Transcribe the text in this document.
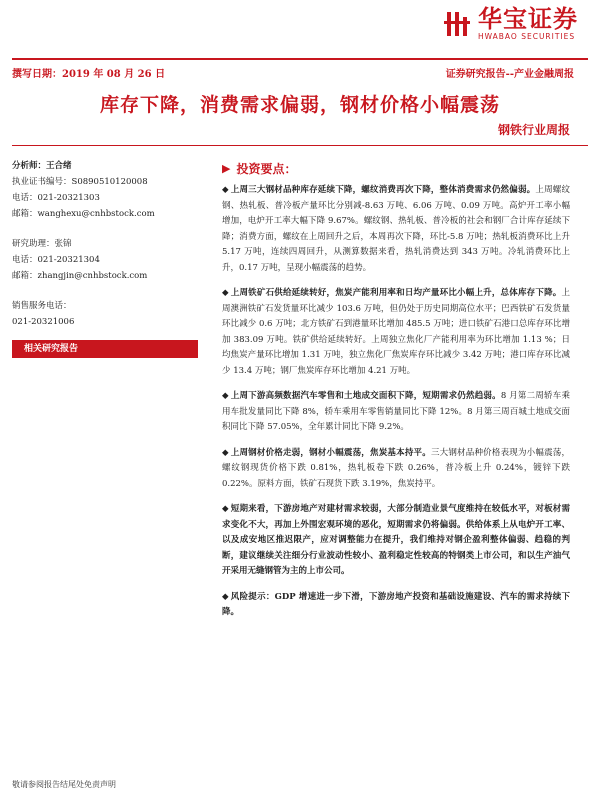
华宝证券
HWABAO SECURITIES
撰写日期：2019 年 08 月 26 日	证券研究报告--产业金融周报
库存下降，消费需求偏弱，钢材价格小幅震荡
钢铁行业周报
分析师：王合绪
执业证书编号：S0890510120008
电话：021-20321303
邮箱：wanghexu@cnhbstock.com
研究助理：张锦
电话：021-20321304
邮箱：zhangjin@cnhbstock.com
销售服务电话：
021-20321006
相关研究报告
▶ 投资要点：

◆ 上周三大钢材品种库存延续下降，螺纹消费再次下降，整体消费需求仍然偏弱。上周螺纹钢、热轧板、普冷板产量环比分别减-8.63 万吨、6.06 万吨、0.09 万吨。高炉开工率小幅增加，电炉开工率大幅下降 9.67%。螺纹钢、热轧板、普冷板的社会和钢厂合计库存延续下降；消费方面，螺纹在上周回升之后，本周再次下降，环比-5.8 万吨；热轧板消费环比上升 5.17 万吨，连续四周回升，从测算数据来看，热轧消费达到 343 万吨。冷轧消费环比上升，0.17 万吨，呈现小幅震荡的趋势。

◆ 上周铁矿石供给延续转好，焦炭产能利用率和日均产量环比小幅上升，总体库存下降。上周澳洲铁矿石发货量环比减少 103.6 万吨，但仍处于历史同期高位水平；巴西铁矿石发货量环比减少 0.6 万吨；北方铁矿石到港量环比增加 485.5 万吨；进口铁矿石港口总库存环比增加 383.09 万吨。铁矿供给延续转好。上周独立焦化厂产能利用率为环比增加 1.13 %；日均焦炭产量环比增加 1.31 万吨，独立焦化厂焦炭库存环比减少 3.42 万吨；港口库存环比减少 13.4 万吨；钢厂焦炭库存环比增加 4.21 万吨。

◆ 上周下游高频数据汽车零售和土地成交面积下降，短期需求仍然趋弱。8 月第二周轿车乘用车批发量同比下降 8%，轿车乘用车零售销量同比下降 12%。8 月第三周百城土地成交面积同比下降 57.05%，全年累计同比下降 9.2%。

◆ 上周钢材价格走弱，钢材小幅震荡，焦炭基本持平。三大钢材品种价格表现为小幅震荡，螺纹钢现货价格下跌 0.81%，热轧板卷下跌 0.26%，普冷板上升 0.24%，镀锌下跌 0.22%。原料方面，铁矿石现货下跌 3.19%，焦炭持平。

◆ 短期来看，下游房地产对建材需求较弱，大部分制造业景气度维持在较低水平，对板材需求变化不大，再加上外围宏观环境的恶化，短期需求仍将偏弱。供给体系上从电炉开工率、以及成安地区推迟限产，应对调整能力在提升，我们维持对钢企盈利整体偏弱、趋稳的判断，建议继续关注细分行业波动性较小、盈利稳定性较高的特钢类上市公司，和以生产油气开采用无缝钢管为主的上市公司。

◆ 风险提示：GDP 增速进一步下滑，下游房地产投资和基础设施建设、汽车的需求持续下降。

敬请参阅报告结尾处免责声明
